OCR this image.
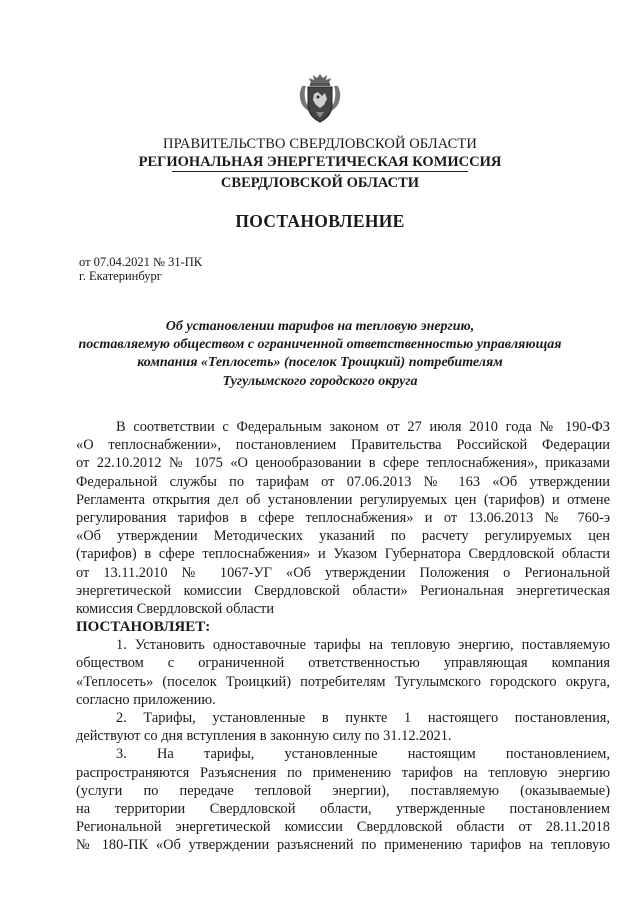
ПРАВИТЕЛЬСТВО СВЕРДЛОВСКОЙ ОБЛАСТИ
РЕГИОНАЛЬНАЯ ЭНЕРГЕТИЧЕСКАЯ КОМИССИЯ
СВЕРДЛОВСКОЙ ОБЛАСТИ
ПОСТАНОВЛЕНИЕ
от 07.04.2021 № 31-ПК
г. Екатеринбург
Об установлении тарифов на тепловую энергию,
поставляемую обществом с ограниченной ответственностью управляющая
компания «Теплосеть» (поселок Троицкий) потребителям
Тугулымского городского округа
В соответствии с Федеральным законом от 27 июля 2010 года № 190-ФЗ
«О теплоснабжении», постановлением Правительства Российской Федерации
от 22.10.2012 № 1075 «О ценообразовании в сфере теплоснабжения», приказами
Федеральной службы по тарифам от 07.06.2013 № 163 «Об утверждении
Регламента открытия дел об установлении регулируемых цен (тарифов) и отмене
регулирования тарифов в сфере теплоснабжения» и от 13.06.2013 № 760-э
«Об утверждении Методических указаний по расчету регулируемых цен
(тарифов) в сфере теплоснабжения» и Указом Губернатора Свердловской области
от 13.11.2010 № 1067-УГ «Об утверждении Положения о Региональной
энергетической комиссии Свердловской области» Региональная энергетическая
комиссия Свердловской области
ПОСТАНОВЛЯЕТ:
1. Установить одноставочные тарифы на тепловую энергию, поставляемую
обществом с ограниченной ответственностью управляющая компания
«Теплосеть» (поселок Троицкий) потребителям Тугулымского городского округа,
согласно приложению.
2. Тарифы, установленные в пункте 1 настоящего постановления,
действуют со дня вступления в законную силу по 31.12.2021.
3. На тарифы, установленные настоящим постановлением,
распространяются Разъяснения по применению тарифов на тепловую энергию
(услуги по передаче тепловой энергии), поставляемую (оказываемые)
на территории Свердловской области, утвержденные постановлением
Региональной энергетической комиссии Свердловской области от 28.11.2018
№ 180-ПК «Об утверждении разъяснений по применению тарифов на тепловую
